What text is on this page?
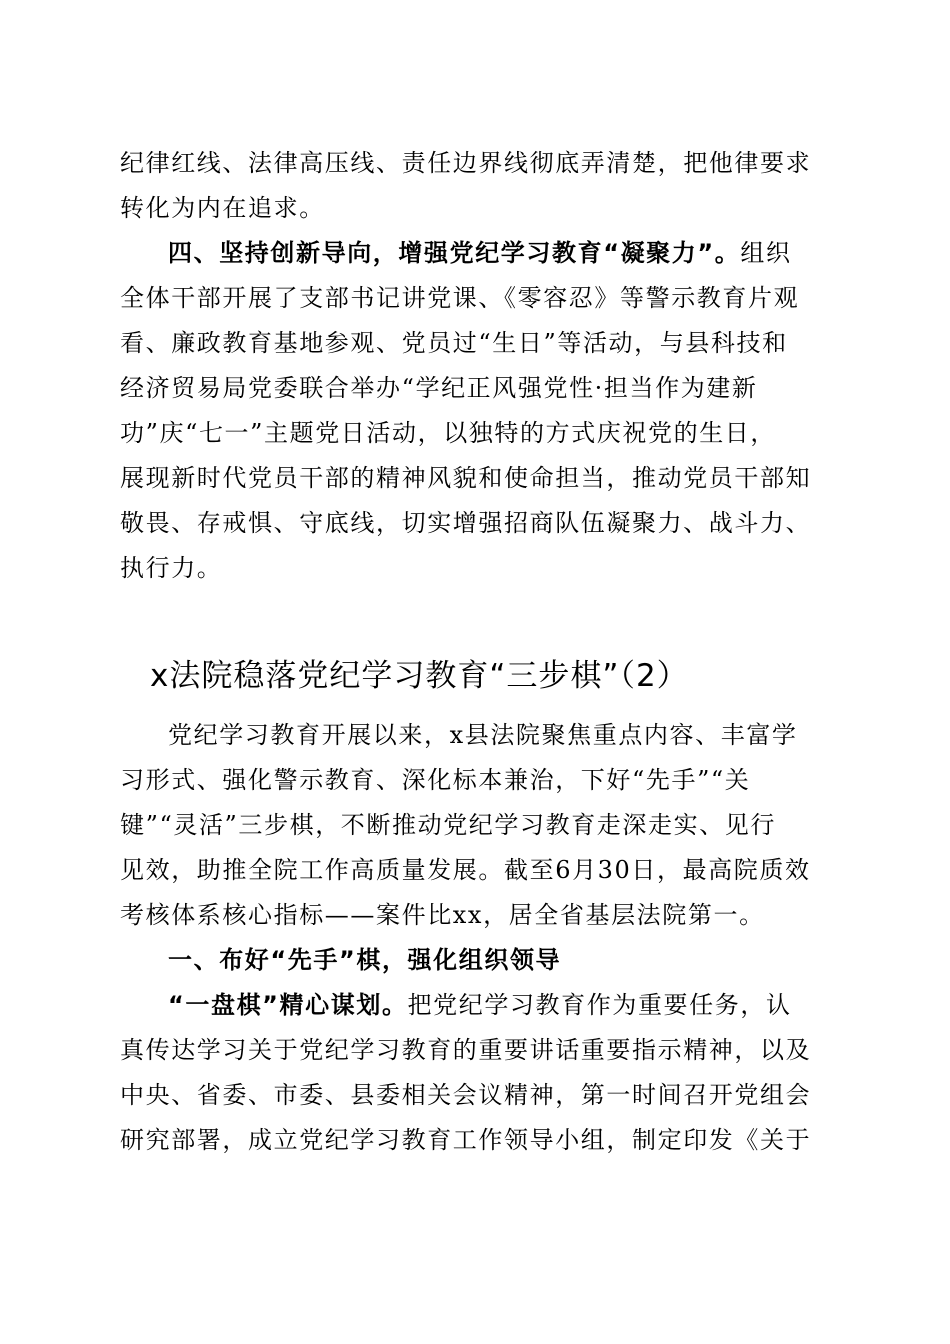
纪律红线、法律高压线、责任边界线彻底弄清楚，把他律要求
转化为内在追求。
四、坚持创新导向，增强党纪学习教育“凝聚力”。组织
全体干部开展了支部书记讲党课、《零容忍》等警示教育片观
看、廉政教育基地参观、党员过“生日”等活动，与县科技和
经济贸易局党委联合举办“学纪正风强党性·担当作为建新
功”庆“七一”主题党日活动，以独特的方式庆祝党的生日，
展现新时代党员干部的精神风貌和使命担当，推动党员干部知
敬畏、存戒惧、守底线，切实增强招商队伍凝聚力、战斗力、
执行力。
x法院稳落党纪学习教育“三步棋”（2）
党纪学习教育开展以来，x县法院聚焦重点内容、丰富学
习形式、强化警示教育、深化标本兼治，下好“先手”“关
键”“灵活”三步棋，不断推动党纪学习教育走深走实、见行
见效，助推全院工作高质量发展。截至6月30日，最高院质效
考核体系核心指标——案件比xx，居全省基层法院第一。
一、布好“先手”棋，强化组织领导
“一盘棋”精心谋划。把党纪学习教育作为重要任务，认
真传达学习关于党纪学习教育的重要讲话重要指示精神，以及
中央、省委、市委、县委相关会议精神，第一时间召开党组会
研究部署，成立党纪学习教育工作领导小组，制定印发《关于
